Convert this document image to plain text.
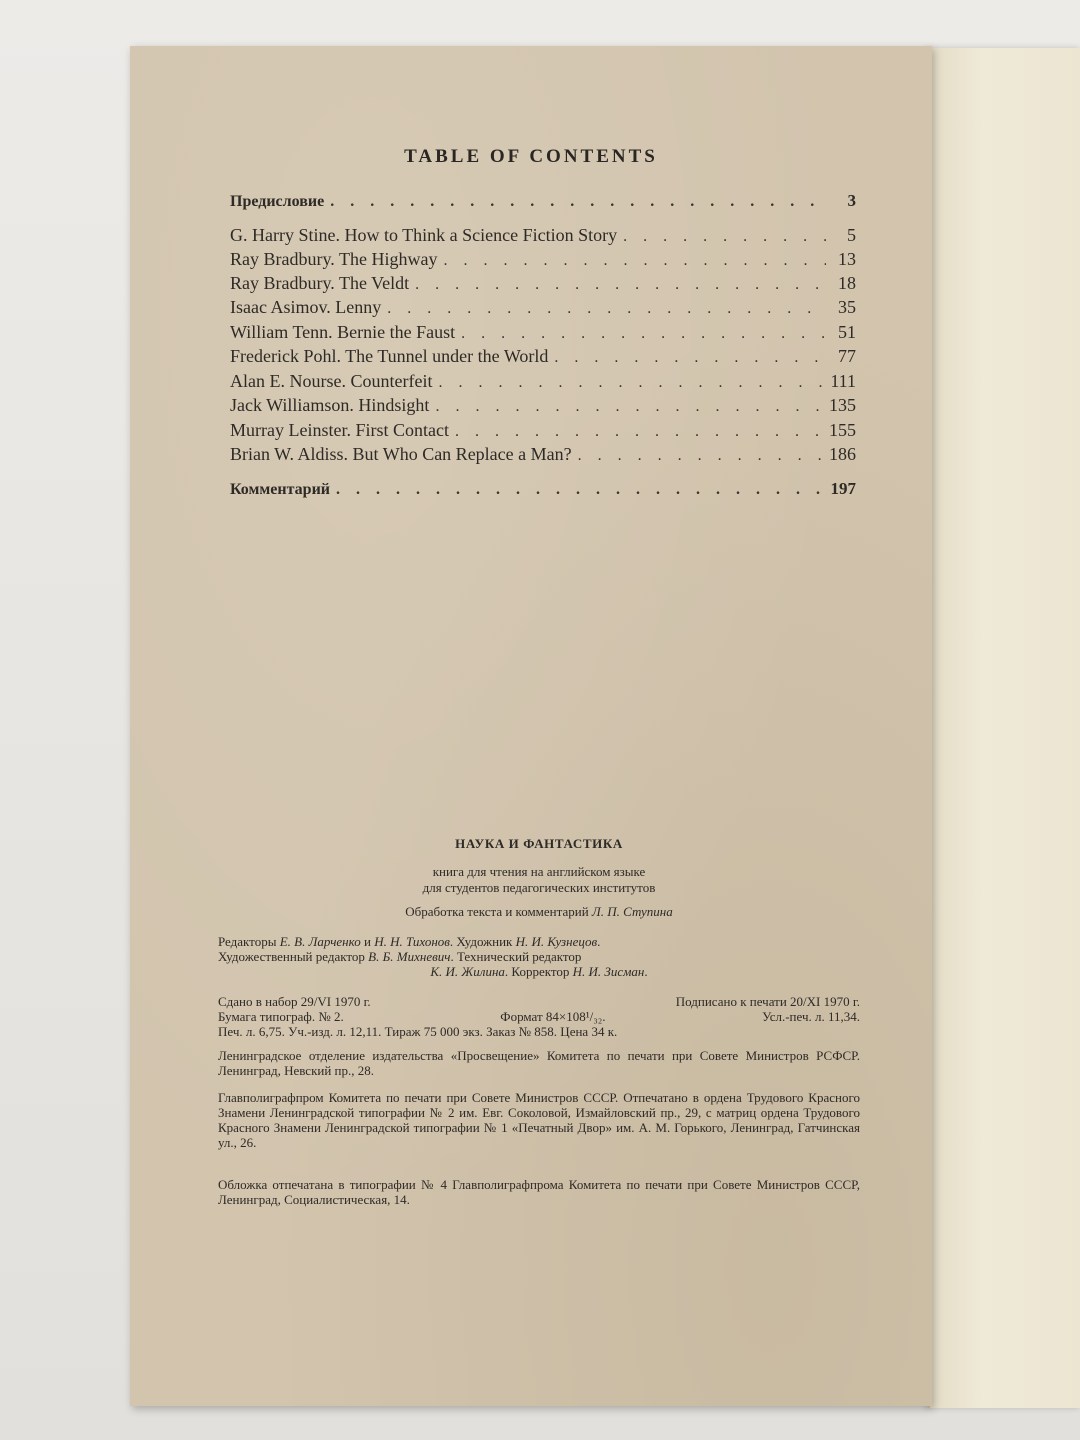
TABLE OF CONTENTS
Предисловие . . .	3
G. Harry Stine. How to Think a Science Fiction Story . . .	5
Ray Bradbury. The Highway . . .	13
Ray Bradbury. The Veldt . . .	18
Isaac Asimov. Lenny . . .	35
William Tenn. Bernie the Faust . . .	51
Frederick Pohl. The Tunnel under the World . . .	77
Alan E. Nourse. Counterfeit . . .	111
Jack Williamson. Hindsight . . .	135
Murray Leinster. First Contact . . .	155
Brian W. Aldiss. But Who Can Replace a Man? . . .	186
Комментарий . . .	197
НАУКА И ФАНТАСТИКА
книга для чтения на английском языке
для студентов педагогических институтов
Обработка текста и комментарий Л. П. Ступина

Редакторы Е. В. Ларченко и Н. Н. Тихонов. Художник Н. И. Кузнецов.

Художественный редактор В. Б. Михневич. Технический редактор

К. И. Жилина. Корректор Н. И. Зисман.

Сдано в набор 29/VI 1970 г.	Подписано к печати 20/XI 1970 г.
Бумага типограф. № 2.	Формат 84×108¹/₃₂.	Усл.-печ. л. 11,34.

Печ. л. 6,75. Уч.-изд. л. 12,11. Тираж 75 000 экз. Заказ № 858. Цена 34 к.

Ленинградское отделение издательства «Просвещение» Комитета по печати при Совете Министров РСФСР. Ленинград, Невский пр., 28.
Главполиграфпром Комитета по печати при Совете Министров СССР. Отпечатано в ордена Трудового Красного Знамени Ленинградской типографии № 2 им. Евг. Соколовой, Измайловский пр., 29, с матриц ордена Трудового Красного Знамени Ленинградской типографии № 1 «Печатный Двор» им. А. М. Горького, Ленинград, Гатчинская ул., 26.
Обложка отпечатана в типографии № 4 Главполиграфпрома Комитета по печати при Совете Министров СССР, Ленинград, Социалистическая, 14.
